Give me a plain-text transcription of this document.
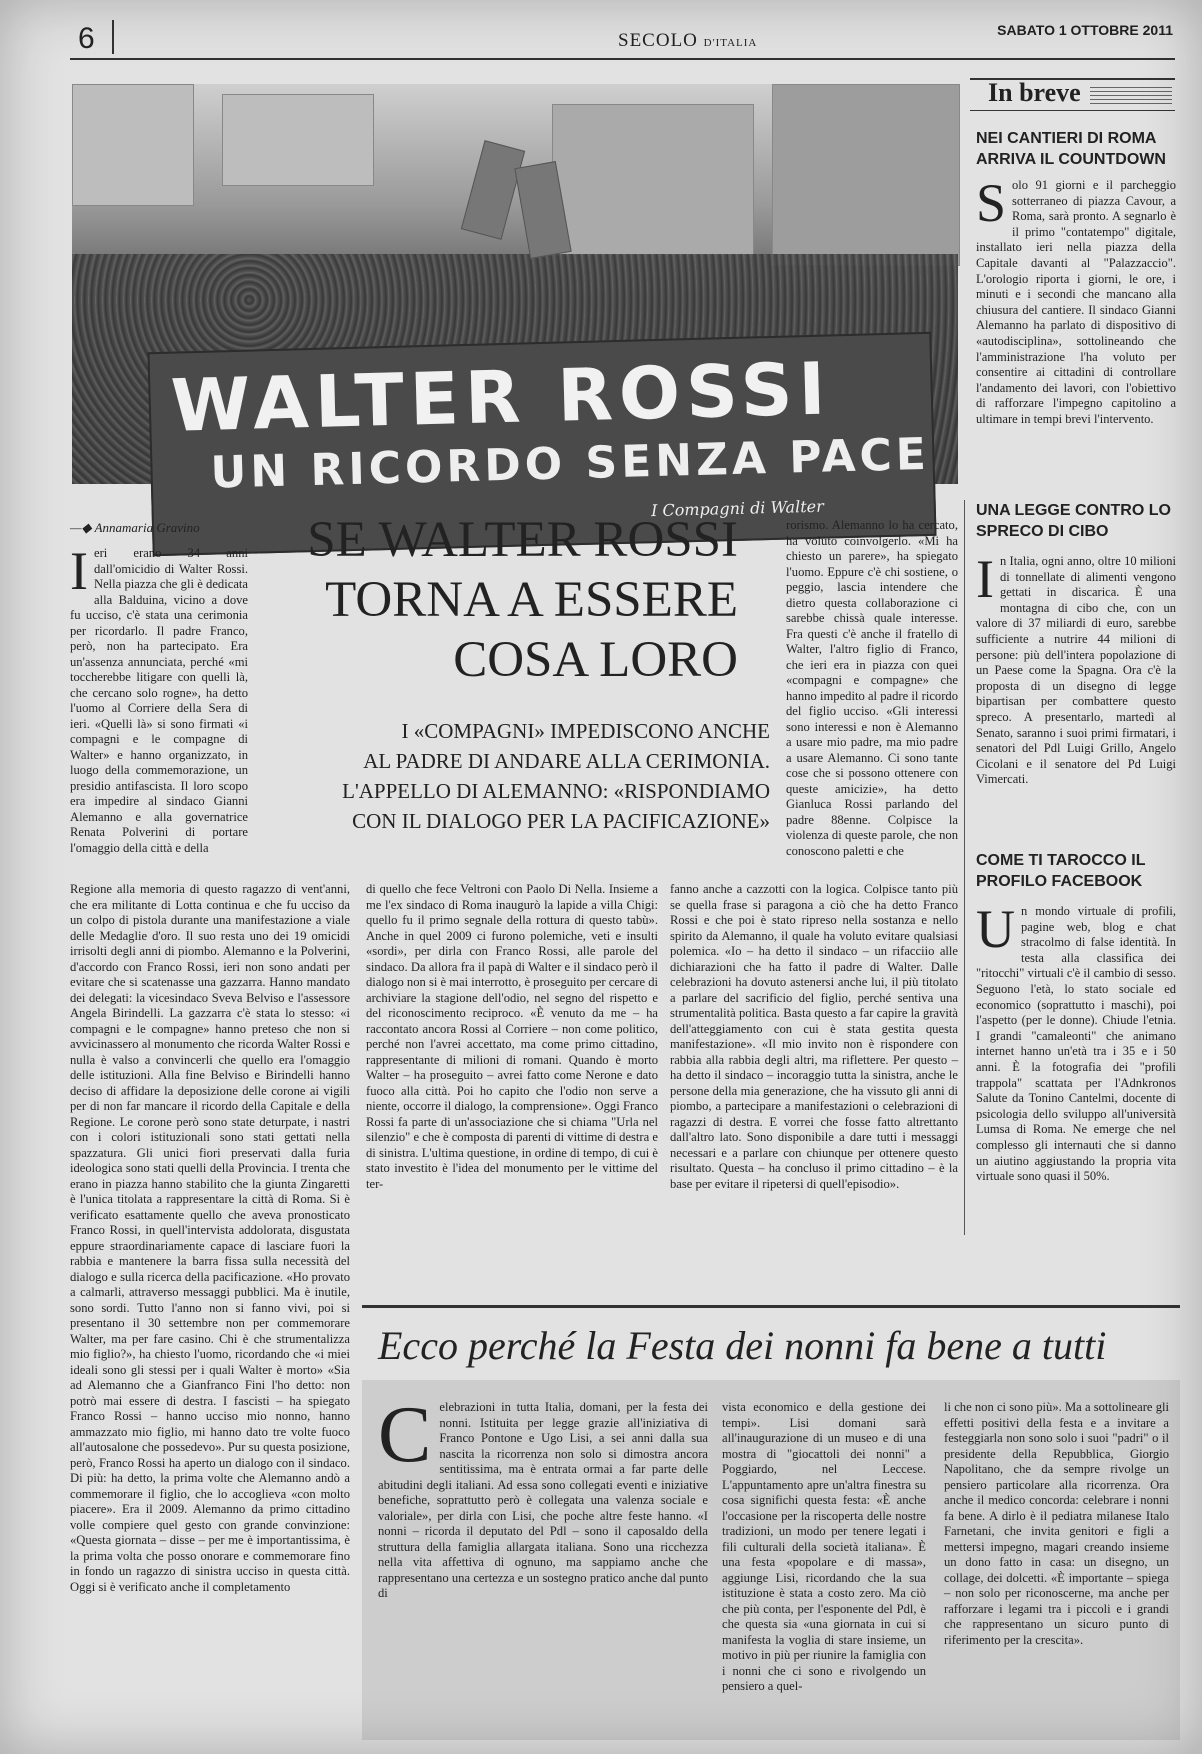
6	SECOLO D'ITALIA
SABATO 1 OTTOBRE 2011
WALTER ROSSI
UN RICORDO SENZA PACE
I Compagni di Walter
In breve
NEI CANTIERI DI ROMA ARRIVA IL COUNTDOWN
Solo 91 giorni e il parcheggio sotterraneo di piazza Cavour, a Roma, sarà pronto. A segnarlo è il primo "contatempo" digitale, installato ieri nella piazza della Capitale davanti al "Palazzaccio". L'orologio riporta i giorni, le ore, i minuti e i secondi che mancano alla chiusura del cantiere. Il sindaco Gianni Alemanno ha parlato di dispositivo di «autodisciplina», sottolineando che l'amministrazione l'ha voluto per consentire ai cittadini di controllare l'andamento dei lavori, con l'obiettivo di rafforzare l'impegno capitolino a ultimare in tempi brevi l'intervento.
UNA LEGGE CONTRO LO SPRECO DI CIBO
In Italia, ogni anno, oltre 10 milioni di tonnellate di alimenti vengono gettati in discarica. È una montagna di cibo che, con un valore di 37 miliardi di euro, sarebbe sufficiente a nutrire 44 milioni di persone: più dell'intera popolazione di un Paese come la Spagna. Ora c'è la proposta di un disegno di legge bipartisan per combattere questo spreco. A presentarlo, martedì al Senato, saranno i suoi primi firmatari, i senatori del Pdl Luigi Grillo, Angelo Cicolani e il senatore del Pd Luigi Vimercati.
COME TI TAROCCO IL PROFILO FACEBOOK
Un mondo virtuale di profili, pagine web, blog e chat stracolmo di false identità. In testa alla classifica dei "ritocchi" virtuali c'è il cambio di sesso. Seguono l'età, lo stato sociale ed economico (soprattutto i maschi), poi l'aspetto (per le donne). Chiude l'etnia. I grandi "camaleonti" che animano internet hanno un'età tra i 35 e i 50 anni. È la fotografia dei "profili trappola" scattata per l'Adnkronos Salute da Tonino Cantelmi, docente di psicologia dello sviluppo all'università Lumsa di Roma. Ne emerge che nel complesso gli internauti che si danno un aiutino aggiustando la propria vita virtuale sono quasi il 50%.
—◆ Annamaria Gravino	SE WALTER ROSSI
TORNA A ESSERE
COSA LORO
I «COMPAGNI» IMPEDISCONO ANCHE
AL PADRE DI ANDARE ALLA CERIMONIA.
L'APPELLO DI ALEMANNO: «RISPONDIAMO
CON IL DIALOGO PER LA PACIFICAZIONE»
Ieri erano 34 anni dall'omicidio di Walter Rossi. Nella piazza che gli è dedicata alla Balduina, vicino a dove fu ucciso, c'è stata una cerimonia per ricordarlo. Il padre Franco, però, non ha partecipato. Era un'assenza annunciata, perché «mi toccherebbe litigare con quelli là, che cercano solo rogne», ha detto l'uomo al Corriere della Sera di ieri. «Quelli là» si sono firmati «i compagni e le compagne di Walter» e hanno organizzato, in luogo della commemorazione, un presidio antifascista. Il loro scopo era impedire al sindaco Gianni Alemanno e alla governatrice Renata Polverini di portare l'omaggio della città e della
Regione alla memoria di questo ragazzo di vent'anni, che era militante di Lotta continua e che fu ucciso da un colpo di pistola durante una manifestazione a viale delle Medaglie d'oro. Il suo resta uno dei 19 omicidi irrisolti degli anni di piombo. Alemanno e la Polverini, d'accordo con Franco Rossi, ieri non sono andati per evitare che si scatenasse una gazzarra. Hanno mandato dei delegati: la vicesindaco Sveva Belviso e l'assessore Angela Birindelli. La gazzarra c'è stata lo stesso: «i compagni e le compagne» hanno preteso che non si avvicinassero al monumento che ricorda Walter Rossi e nulla è valso a convincerli che quello era l'omaggio delle istituzioni. Alla fine Belviso e Birindelli hanno deciso di affidare la deposizione delle corone ai vigili per di non far mancare il ricordo della Capitale e della Regione. Le corone però sono state deturpate, i nastri con i colori istituzionali sono stati gettati nella spazzatura. Gli unici fiori preservati dalla furia ideologica sono stati quelli della Provincia. I trenta che erano in piazza hanno stabilito che la giunta Zingaretti è l'unica titolata a rappresentare la città di Roma. Si è verificato esattamente quello che aveva pronosticato Franco Rossi, in quell'intervista addolorata, disgustata eppure straordinariamente capace di lasciare fuori la rabbia e mantenere la barra fissa sulla necessità del dialogo e sulla ricerca della pacificazione. «Ho provato a calmarli, attraverso messaggi pubblici. Ma è inutile, sono sordi. Tutto l'anno non si fanno vivi, poi si presentano il 30 settembre non per commemorare Walter, ma per fare casino. Chi è che strumentalizza mio figlio?», ha chiesto l'uomo, ricordando che «i miei ideali sono gli stessi per i quali Walter è morto» «Sia ad Alemanno che a Gianfranco Fini l'ho detto: non potrò mai essere di destra. I fascisti – ha spiegato Franco Rossi – hanno ucciso mio nonno, hanno ammazzato mio figlio, mi hanno dato tre volte fuoco all'autosalone che possedevo». Pur su questa posizione, però, Franco Rossi ha aperto un dialogo con il sindaco. Di più: ha detto, la prima volte che Alemanno andò a commemorare il figlio, che lo accoglieva «con molto piacere». Era il 2009. Alemanno da primo cittadino volle compiere quel gesto con grande convinzione: «Questa giornata – disse – per me è importantissima, è la prima volta che posso onorare e commemorare fino in fondo un ragazzo di sinistra ucciso in questa città. Oggi si è verificato anche il completamento
di quello che fece Veltroni con Paolo Di Nella. Insieme a me l'ex sindaco di Roma inaugurò la lapide a villa Chigi: quello fu il primo segnale della rottura di questo tabù». Anche in quel 2009 ci furono polemiche, veti e insulti «sordi», per dirla con Franco Rossi, alle parole del sindaco. Da allora fra il papà di Walter e il sindaco però il dialogo non si è mai interrotto, è proseguito per cercare di archiviare la stagione dell'odio, nel segno del rispetto e del riconoscimento reciproco. «È venuto da me – ha raccontato ancora Rossi al Corriere – non come politico, perché non l'avrei accettato, ma come primo cittadino, rappresentante di milioni di romani. Quando è morto Walter – ha proseguito – avrei fatto come Nerone e dato fuoco alla città. Poi ho capito che l'odio non serve a niente, occorre il dialogo, la comprensione». Oggi Franco Rossi fa parte di un'associazione che si chiama "Urla nel silenzio" e che è composta di parenti di vittime di destra e di sinistra. L'ultima questione, in ordine di tempo, di cui è stato investito è l'idea del monumento per le vittime del ter-
rorismo. Alemanno lo ha cercato, ha voluto coinvolgerlo. «Mi ha chiesto un parere», ha spiegato l'uomo. Eppure c'è chi sostiene, o peggio, lascia intendere che dietro questa collaborazione ci sarebbe chissà quale interesse. Fra questi c'è anche il fratello di Walter, l'altro figlio di Franco, che ieri era in piazza con quei «compagni e compagne» che hanno impedito al padre il ricordo del figlio ucciso. «Gli interessi sono interessi e non è Alemanno a usare mio padre, ma mio padre a usare Alemanno. Ci sono tante cose che si possono ottenere con queste amicizie», ha detto Gianluca Rossi parlando del padre 88enne. Colpisce la violenza di queste parole, che non conoscono paletti e che
fanno anche a cazzotti con la logica. Colpisce tanto più se quella frase si paragona a ciò che ha detto Franco Rossi e che poi è stato ripreso nella sostanza e nello spirito da Alemanno, il quale ha voluto evitare qualsiasi polemica. «Io – ha detto il sindaco – un rifacciio alle dichiarazioni che ha fatto il padre di Walter. Dalle celebrazioni ha dovuto astenersi anche lui, il più titolato a parlare del sacrificio del figlio, perché sentiva una strumentalità politica. Basta questo a far capire la gravità dell'atteggiamento con cui è stata gestita questa manifestazione». «Il mio invito non è rispondere con rabbia alla rabbia degli altri, ma riflettere. Per questo – ha detto il sindaco – incoraggio tutta la sinistra, anche le persone della mia generazione, che ha vissuto gli anni di piombo, a partecipare a manifestazioni o celebrazioni di ragazzi di destra. E vorrei che fosse fatto altrettanto dall'altro lato. Sono disponibile a dare tutti i messaggi necessari e a parlare con chiunque per ottenere questo risultato. Questa – ha concluso il primo cittadino – è la base per evitare il ripetersi di quell'episodio».
Ecco perché la Festa dei nonni fa bene a tutti
Celebrazioni in tutta Italia, domani, per la festa dei nonni. Istituita per legge grazie all'iniziativa di Franco Pontone e Ugo Lisi, a sei anni dalla sua nascita la ricorrenza non solo si dimostra ancora sentitissima, ma è entrata ormai a far parte delle abitudini degli italiani. Ad essa sono collegati eventi e iniziative benefiche, soprattutto però è collegata una valenza sociale e valoriale», per dirla con Lisi, che poche altre feste hanno. «I nonni – ricorda il deputato del Pdl – sono il caposaldo della struttura della famiglia allargata italiana. Sono una ricchezza nella vita affettiva di ognuno, ma sappiamo anche che rappresentano una certezza e un sostegno pratico anche dal punto di
vista economico e della gestione dei tempi». Lisi domani sarà all'inaugurazione di un museo e di una mostra di "giocattoli dei nonni" a Poggiardo, nel Leccese. L'appuntamento apre un'altra finestra su cosa significhi questa festa: «È anche l'occasione per la riscoperta delle nostre tradizioni, un modo per tenere legati i fili culturali della società italiana». È una festa «popolare e di massa», aggiunge Lisi, ricordando che la sua istituzione è stata a costo zero. Ma ciò che più conta, per l'esponente del Pdl, è che questa sia «una giornata in cui si manifesta la voglia di stare insieme, un motivo in più per riunire la famiglia con i nonni che ci sono e rivolgendo un pensiero a quel-
li che non ci sono più». Ma a sottolineare gli effetti positivi della festa e a invitare a festeggiarla non sono solo i suoi "padri" o il presidente della Repubblica, Giorgio Napolitano, che da sempre rivolge un pensiero particolare alla ricorrenza. Ora anche il medico concorda: celebrare i nonni fa bene. A dirlo è il pediatra milanese Italo Farnetani, che invita genitori e figli a mettersi impegno, magari creando insieme un dono fatto in casa: un disegno, un collage, dei dolcetti. «È importante – spiega – non solo per riconoscerne, ma anche per rafforzare i legami tra i piccoli e i grandi che rappresentano un sicuro punto di riferimento per la crescita».
